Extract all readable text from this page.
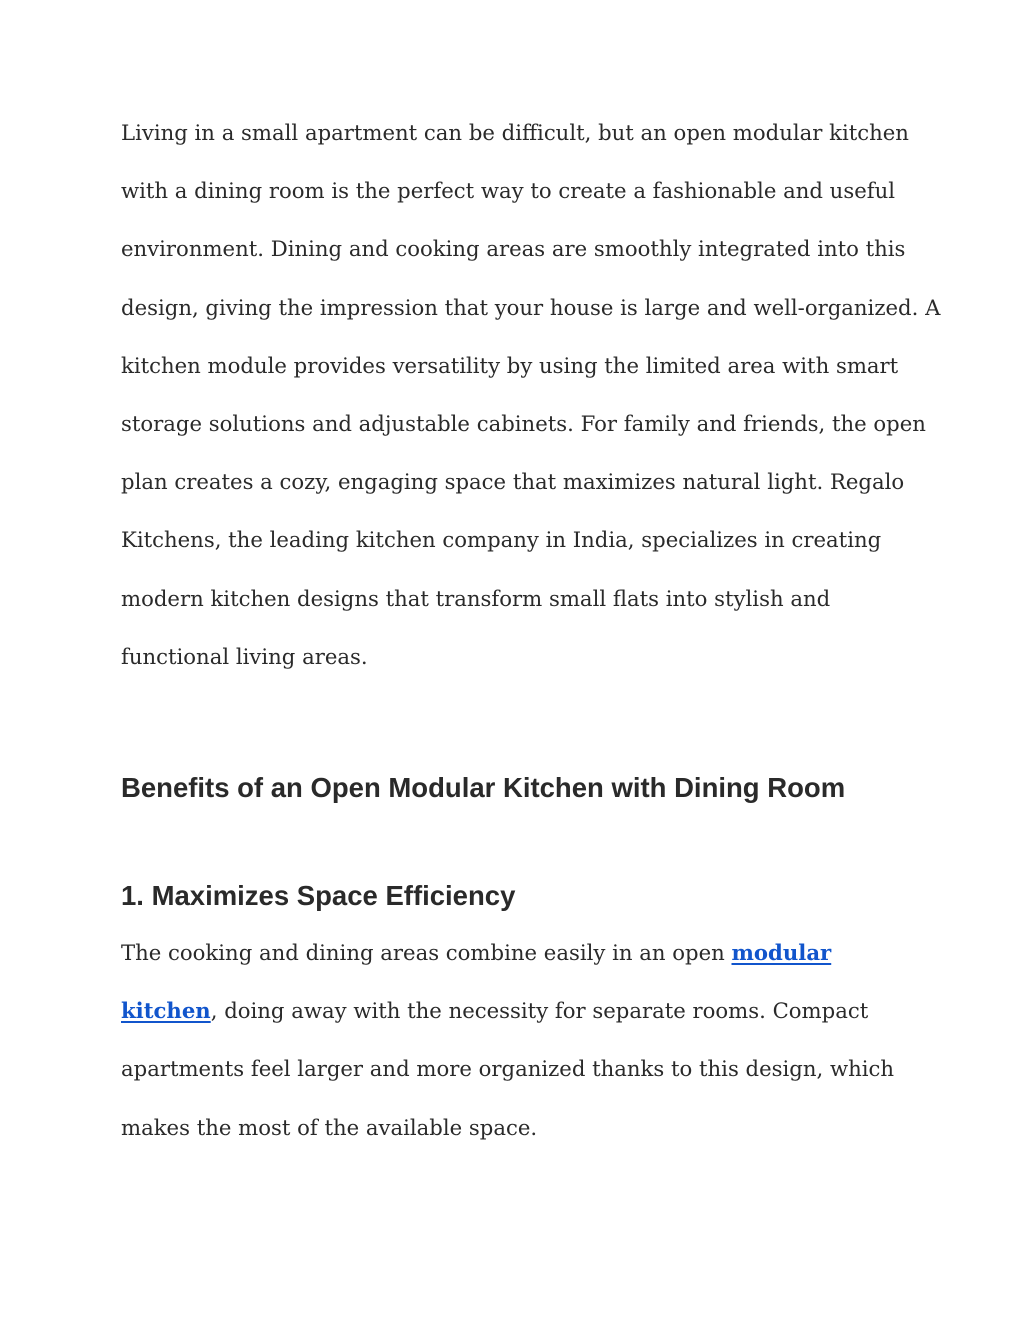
Living in a small apartment can be difficult, but an open modular kitchen
with a dining room is the perfect way to create a fashionable and useful
environment. Dining and cooking areas are smoothly integrated into this
design, giving the impression that your house is large and well-organized. A
kitchen module provides versatility by using the limited area with smart
storage solutions and adjustable cabinets. For family and friends, the open
plan creates a cozy, engaging space that maximizes natural light. Regalo
Kitchens, the leading kitchen company in India, specializes in creating
modern kitchen designs that transform small flats into stylish and
functional living areas.

Benefits of an Open Modular Kitchen with Dining Room
1. Maximizes Space Efficiency

The cooking and dining areas combine easily in an open modular
kitchen, doing away with the necessity for separate rooms. Compact
apartments feel larger and more organized thanks to this design, which
makes the most of the available space.
